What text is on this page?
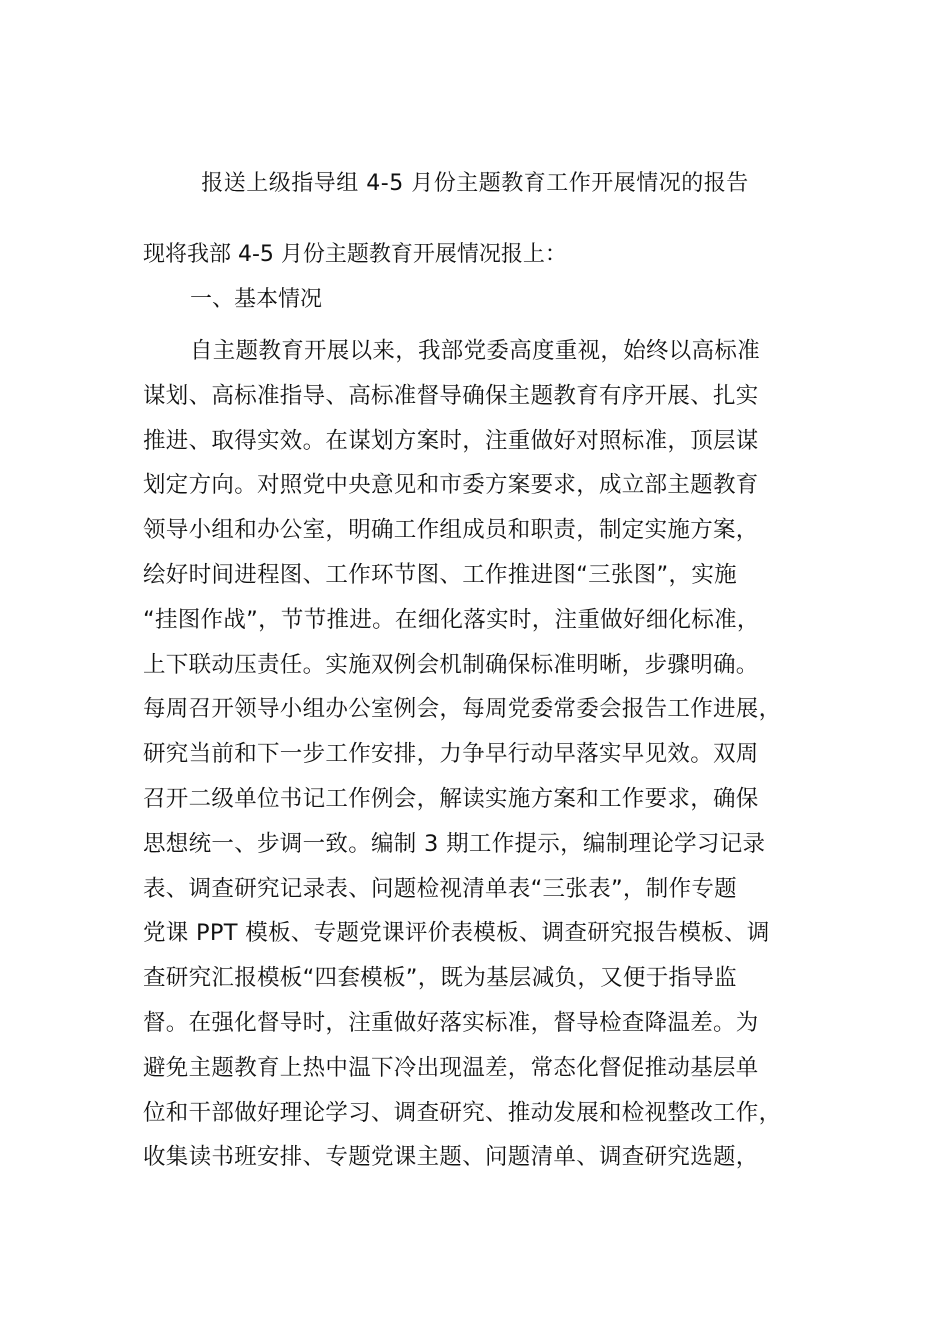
报送上级指导组 4-5 月份主题教育工作开展情况的报告
现将我部 4-5 月份主题教育开展情况报上：
一、基本情况
自主题教育开展以来，我部党委高度重视，始终以高标准
谋划、高标准指导、高标准督导确保主题教育有序开展、扎实
推进、取得实效。在谋划方案时，注重做好对照标准，顶层谋
划定方向。对照党中央意见和市委方案要求，成立部主题教育
领导小组和办公室，明确工作组成员和职责，制定实施方案，
绘好时间进程图、工作环节图、工作推进图“三张图”，实施
“挂图作战”，节节推进。在细化落实时，注重做好细化标准，
上下联动压责任。实施双例会机制确保标准明晰，步骤明确。
每周召开领导小组办公室例会，每周党委常委会报告工作进展，
研究当前和下一步工作安排，力争早行动早落实早见效。双周
召开二级单位书记工作例会，解读实施方案和工作要求，确保
思想统一、步调一致。编制 3 期工作提示，编制理论学习记录
表、调查研究记录表、问题检视清单表“三张表”，制作专题
党课 PPT 模板、专题党课评价表模板、调查研究报告模板、调
查研究汇报模板“四套模板”，既为基层减负，又便于指导监
督。在强化督导时，注重做好落实标准，督导检查降温差。为
避免主题教育上热中温下冷出现温差，常态化督促推动基层单
位和干部做好理论学习、调查研究、推动发展和检视整改工作，
收集读书班安排、专题党课主题、问题清单、调查研究选题，
